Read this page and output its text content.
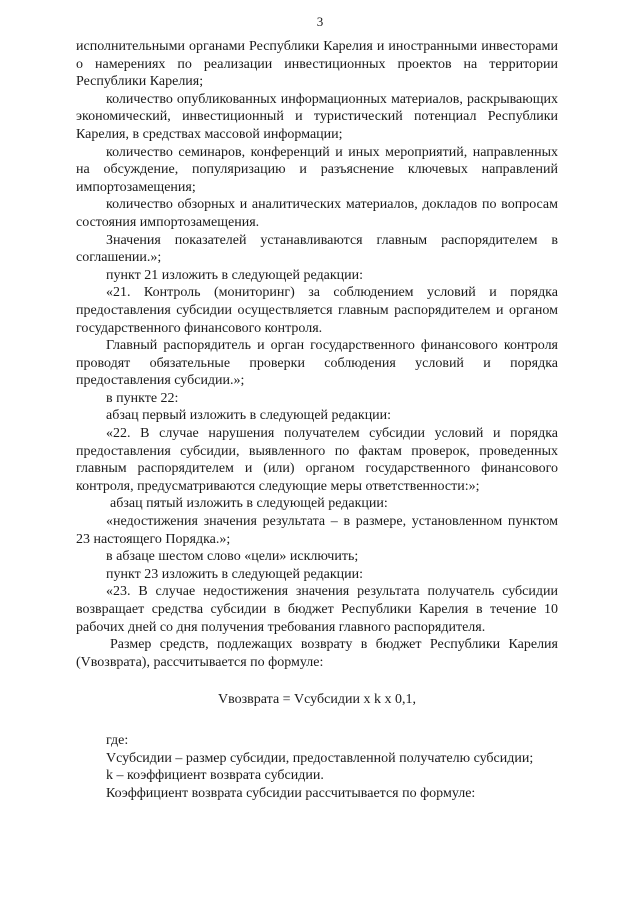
3

исполнительными органами Республики Карелия и иностранными инвесторами о намерениях по реализации инвестиционных проектов на территории Республики Карелия;

количество опубликованных информационных материалов, раскрывающих экономический, инвестиционный и туристический потенциал Республики Карелия, в средствах массовой информации;

количество семинаров, конференций и иных мероприятий, направленных на обсуждение, популяризацию и разъяснение ключевых направлений импортозамещения;

количество обзорных и аналитических материалов, докладов по вопросам состояния импортозамещения.

Значения показателей устанавливаются главным распорядителем в соглашении.»;

пункт 21 изложить в следующей редакции:

«21. Контроль (мониторинг) за соблюдением условий и порядка предоставления субсидии осуществляется главным распорядителем и органом государственного финансового контроля.

Главный распорядитель и орган государственного финансового контроля проводят обязательные проверки соблюдения условий и порядка предоставления субсидии.»;

в пункте 22:

абзац первый изложить в следующей редакции:

«22. В случае нарушения получателем субсидии условий и порядка предоставления субсидии, выявленного по фактам проверок, проведенных главным распорядителем и (или) органом государственного финансового контроля, предусматриваются следующие меры ответственности:»;

абзац пятый изложить в следующей редакции:

«недостижения значения результата – в размере, установленном пунктом 23 настоящего Порядка.»;

в абзаце шестом слово «цели» исключить;

пункт 23 изложить в следующей редакции:

«23. В случае недостижения значения результата получатель субсидии возвращает средства субсидии в бюджет Республики Карелия в течение 10 рабочих дней со дня получения требования главного распорядителя.

Размер средств, подлежащих возврату в бюджет Республики Карелия (Vвозврата), рассчитывается по формуле:

Vвозврата = Vсубсидии x k x 0,1,

где:

Vсубсидии – размер субсидии, предоставленной получателю субсидии;

k – коэффициент возврата субсидии.

Коэффициент возврата субсидии рассчитывается по формуле:
